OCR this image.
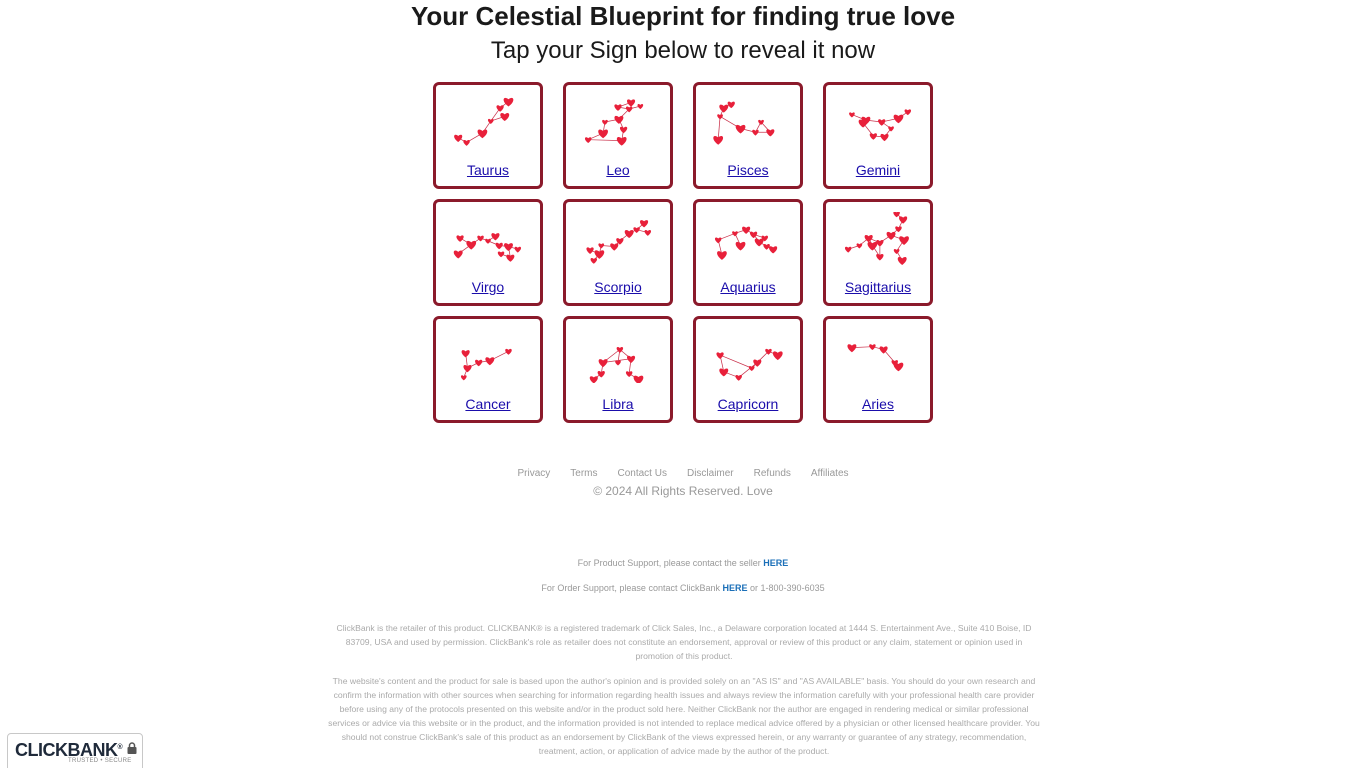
Your Celestial Blueprint for finding true love
Tap your Sign below to reveal it now
Taurus	Leo	Pisces	Gemini
Virgo	Scorpio	Aquarius	Sagittarius
Cancer	Libra	Capricorn	Aries
Privacy Terms Contact Us Disclaimer Refunds Affiliates
© 2024 All Rights Reserved. Love
For Product Support, please contact the seller HERE
For Order Support, please contact ClickBank HERE or 1-800-390-6035
ClickBank is the retailer of this product. CLICKBANK® is a registered trademark of Click Sales, Inc., a Delaware corporation located at 1444 S. Entertainment Ave., Suite 410 Boise, ID 83709, USA and used by permission. ClickBank's role as retailer does not constitute an endorsement, approval or review of this product or any claim, statement or opinion used in promotion of this product.
The website's content and the product for sale is based upon the author's opinion and is provided solely on an "AS IS" and "AS AVAILABLE" basis. You should do your own research and confirm the information with other sources when searching for information regarding health issues and always review the information carefully with your professional health care provider before using any of the protocols presented on this website and/or in the product sold here. Neither ClickBank nor the author are engaged in rendering medical or similar professional services or advice via this website or in the product, and the information provided is not intended to replace medical advice offered by a physician or other licensed healthcare provider. You should not construe ClickBank's sale of this product as an endorsement by ClickBank of the views expressed herein, or any warranty or guarantee of any strategy, recommendation, treatment, action, or application of advice made by the author of the product.
CLICKBANK®
TRUSTED • SECURE
